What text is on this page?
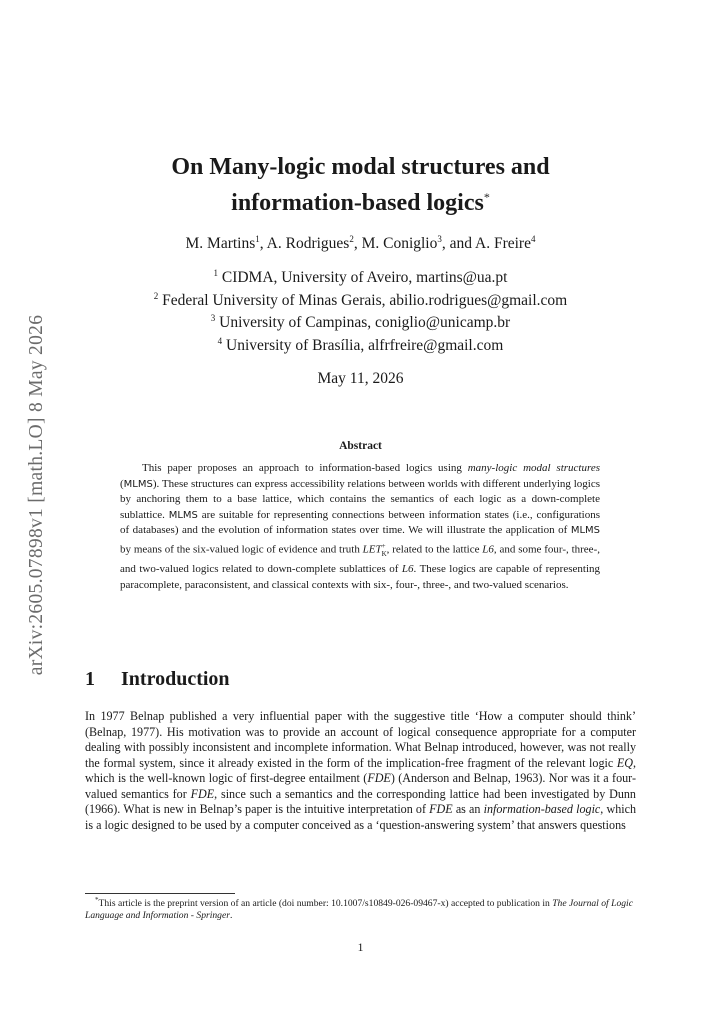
arXiv:2605.07898v1 [math.LO] 8 May 2026
On Many-logic modal structures and
information-based logics*
M. Martins$^1$, A. Rodrigues$^2$, M. Coniglio$^3$, and A. Freire$^4$
$^1$ CIDMA, University of Aveiro, martins@ua.pt
$^2$ Federal University of Minas Gerais, abilio.rodrigues@gmail.com
$^3$ University of Campinas, coniglio@unicamp.br
$^4$ University of Brasília, alfrfreire@gmail.com
May 11, 2026
Abstract

This paper proposes an approach to information-based logics using many-logic modal structures (MLMS). These structures can express accessibility relations between worlds with different underlying logics by anchoring them to a base lattice, which contains the semantics of each logic as a down-complete sublattice. MLMS are suitable for representing connections between information states (i.e., configurations of databases) and the evolution of information states over time. We will illustrate the application of MLMS by means of the six-valued logic of evidence and truth $LET^+_K$, related to the lattice L6, and some four-, three-, and two-valued logics related to down-complete sublattices of L6. These logics are capable of representing paracomplete, paraconsistent, and classical contexts with six-, four-, three-, and two-valued scenarios.

1 Introduction

In 1977 Belnap published a very influential paper with the suggestive title ‘How a computer should think’ (Belnap, 1977). His motivation was to provide an account of logical consequence appropriate for a computer dealing with possibly inconsistent and incomplete information. What Belnap introduced, however, was not really the formal system, since it already existed in the form of the implication-free fragment of the relevant logic EQ, which is the well-known logic of first-degree entailment (FDE) (Anderson and Belnap, 1963). Nor was it a four-valued semantics for FDE, since such a semantics and the corresponding lattice had been investigated by Dunn (1966). What is new in Belnap’s paper is the intuitive interpretation of FDE as an information-based logic, which is a logic designed to be used by a computer conceived as a ‘question-answering system’ that answers questions

*This article is the preprint version of an article (doi number: 10.1007/s10849-026-09467-x) accepted to publication in The Journal of Logic Language and Information - Springer.

1
